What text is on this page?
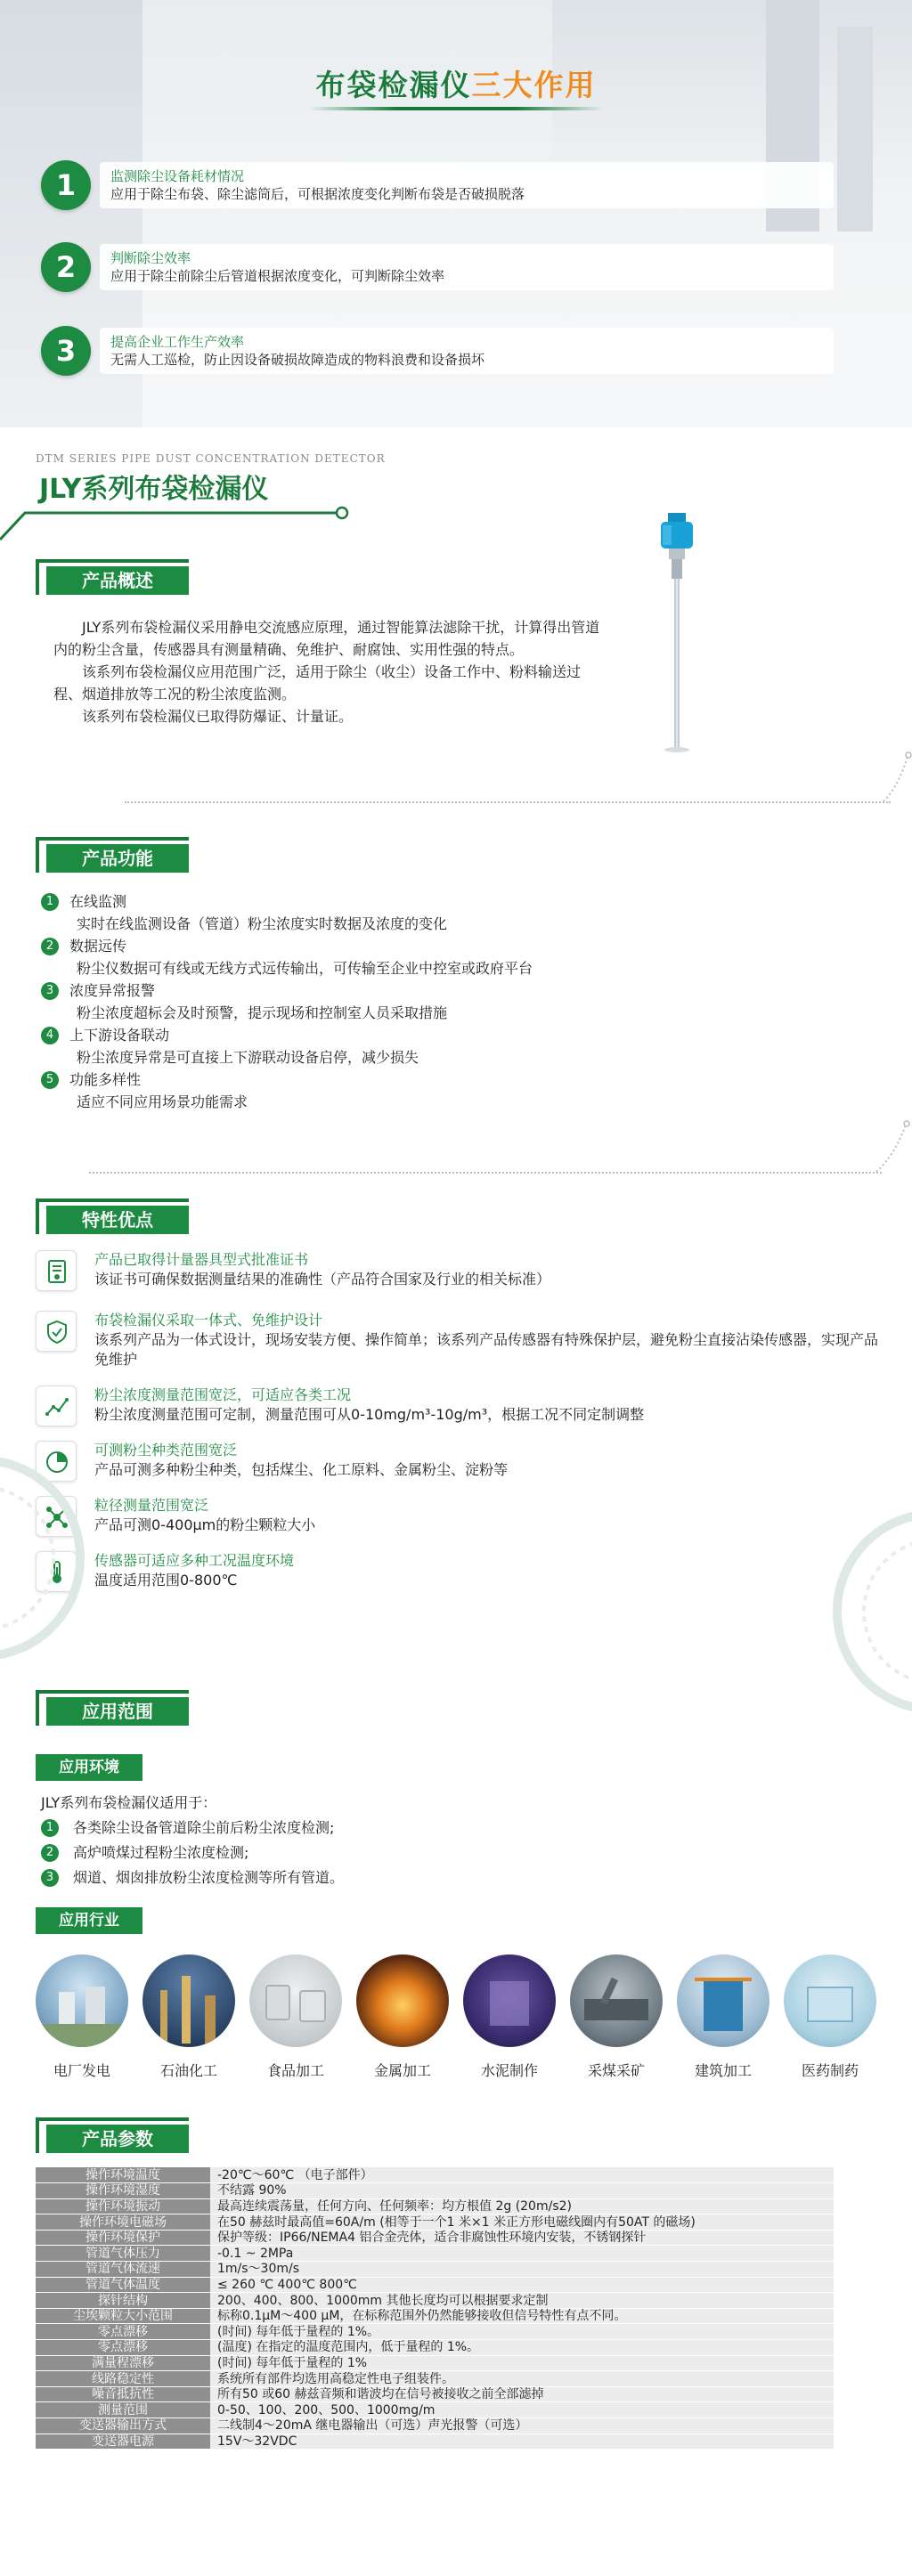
布袋检漏仪三大作用
1	监测除尘设备耗材情况
应用于除尘布袋、除尘滤筒后，可根据浓度变化判断布袋是否破损脱落
2	判断除尘效率
应用于除尘前除尘后管道根据浓度变化，可判断除尘效率
3	提高企业工作生产效率
无需人工巡检，防止因设备破损故障造成的物料浪费和设备损坏
DTM SERIES PIPE DUST CONCENTRATION DETECTOR
JLY系列布袋检漏仪
产品概述

JLY系列布袋检漏仪采用静电交流感应原理，通过智能算法滤除干扰，计算得出管道内的粉尘含量，传感器具有测量精确、免维护、耐腐蚀、实用性强的特点。

该系列布袋检漏仪应用范围广泛，适用于除尘（收尘）设备工作中、粉料输送过程、烟道排放等工况的粉尘浓度监测。

该系列布袋检漏仪已取得防爆证、计量证。

产品功能
1	在线监测
实时在线监测设备（管道）粉尘浓度实时数据及浓度的变化
2	数据远传
粉尘仪数据可有线或无线方式远传输出，可传输至企业中控室或政府平台
3	浓度异常报警
粉尘浓度超标会及时预警，提示现场和控制室人员采取措施
4	上下游设备联动
粉尘浓度异常是可直接上下游联动设备启停，减少损失
5	功能多样性
适应不同应用场景功能需求
特性优点
产品已取得计量器具型式批准证书
该证书可确保数据测量结果的准确性（产品符合国家及行业的相关标准）
布袋检漏仪采取一体式、免维护设计
该系列产品为一体式设计，现场安装方便、操作简单；该系列产品传感器有特殊保护层，避免粉尘直接沾染传感器，实现产品免维护
粉尘浓度测量范围宽泛，可适应各类工况
粉尘浓度测量范围可定制，测量范围可从0-10mg/m³-10g/m³，根据工况不同定制调整
可测粉尘种类范围宽泛
产品可测多种粉尘种类，包括煤尘、化工原料、金属粉尘、淀粉等
粒径测量范围宽泛
产品可测0-400μm的粉尘颗粒大小
传感器可适应多种工况温度环境
温度适用范围0-800℃
应用范围
应用环境
JLY系列布袋检漏仪适用于：
1	各类除尘设备管道除尘前后粉尘浓度检测;
2	高炉喷煤过程粉尘浓度检测;
3	烟道、烟囱排放粉尘浓度检测等所有管道。
应用行业
电厂发电	石油化工	食品加工	金属加工	水泥制作	采煤采矿	建筑加工	医药制药
产品参数
操作环境温度	-20℃～60℃ （电子部件）
操作环境湿度	不结露 90%
操作环境振动	最高连续震荡量，任何方向、任何频率：均方根值 2g (20m/s2)
操作环境电磁场	在50 赫兹时最高值=60A/m (相等于一个1 米×1 米正方形电磁线圈内有50AT 的磁场)
操作环境保护	保护等级：IP66/NEMA4 铝合金壳体，适合非腐蚀性环境内安装，不锈钢探针
管道气体压力	-0.1 ~ 2MPa
管道气体流速	1m/s～30m/s
管道气体温度	≤ 260 ℃ 400℃ 800℃
探针结构	200、400、800、1000mm 其他长度均可以根据要求定制
尘埃颗粒大小范围	标称0.1μM～400 μM，在标称范围外仍然能够接收但信号特性有点不同。
零点漂移	(时间) 每年低于量程的 1%。
零点漂移	(温度) 在指定的温度范围内，低于量程的 1%。
满量程漂移	(时间) 每年低于量程的 1%
线路稳定性	系统所有部件均选用高稳定性电子组装件。
噪音抵抗性	所有50 或60 赫兹音频和谐波均在信号被接收之前全部滤掉
测量范围	0-50、100、200、500、1000mg/m
变送器输出方式	二线制4～20mA 继电器输出（可选）声光报警（可选）
变送器电源	15V～32VDC
